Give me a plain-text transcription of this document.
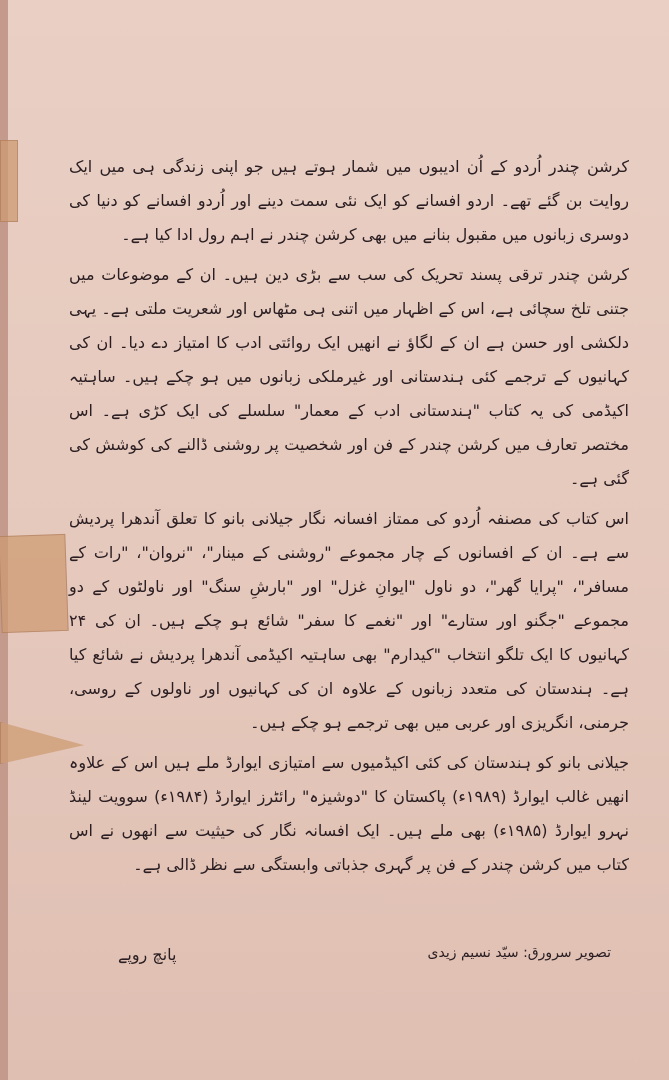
کرشن چندر اُردو کے اُن ادیبوں میں شمار ہوتے ہیں جو اپنی زندگی ہی میں ایک روایت بن گئے تھے۔ اردو افسانے کو ایک نئی سمت دینے اور اُردو افسانے کو دنیا کی دوسری زبانوں میں مقبول بنانے میں بھی کرشن چندر نے اہم رول ادا کیا ہے۔

کرشن چندر ترقی پسند تحریک کی سب سے بڑی دین ہیں۔ ان کے موضوعات میں جتنی تلخ سچائی ہے، اس کے اظہار میں اتنی ہی مٹھاس اور شعریت ملتی ہے۔ یہی دلکشی اور حسن ہے ان کے لگاؤ نے انھیں ایک روائتی ادب کا امتیاز دے دیا۔ ان کی کہانیوں کے ترجمے کئی ہندستانی اور غیرملکی زبانوں میں ہو چکے ہیں۔ ساہتیہ اکیڈمی کی یہ کتاب "ہندستانی ادب کے معمار" سلسلے کی ایک کڑی ہے۔ اس مختصر تعارف میں کرشن چندر کے فن اور شخصیت پر روشنی ڈالنے کی کوشش کی گئی ہے۔

اس کتاب کی مصنفہ اُردو کی ممتاز افسانہ نگار جیلانی بانو کا تعلق آندھرا پردیش سے ہے۔ ان کے افسانوں کے چار مجموعے "روشنی کے مینار"، "نروان"، "رات کے مسافر"، "پرایا گھر"، دو ناول "ایوانِ غزل" اور "بارشِ سنگ" اور ناولٹوں کے دو مجموعے "جگنو اور ستارے" اور "نغمے کا سفر" شائع ہو چکے ہیں۔ ان کی ۲۴ کہانیوں کا ایک تلگو انتخاب "کیدارم" بھی ساہتیہ اکیڈمی آندھرا پردیش نے شائع کیا ہے۔ ہندستان کی متعدد زبانوں کے علاوہ ان کی کہانیوں اور ناولوں کے روسی، جرمنی، انگریزی اور عربی میں بھی ترجمے ہو چکے ہیں۔

جیلانی بانو کو ہندستان کی کئی اکیڈمیوں سے امتیازی ایوارڈ ملے ہیں اس کے علاوہ انھیں غالب ایوارڈ (۱۹۸۹ء) پاکستان کا "دوشیزہ" رائٹرز ایوارڈ (۱۹۸۴ء) سوویت لینڈ نہرو ایوارڈ (۱۹۸۵ء) بھی ملے ہیں۔ ایک افسانہ نگار کی حیثیت سے انھوں نے اس کتاب میں کرشن چندر کے فن پر گہری جذباتی وابستگی سے نظر ڈالی ہے۔

تصویر سرورق: سیّد نسیم زیدی
پانچ روپے
